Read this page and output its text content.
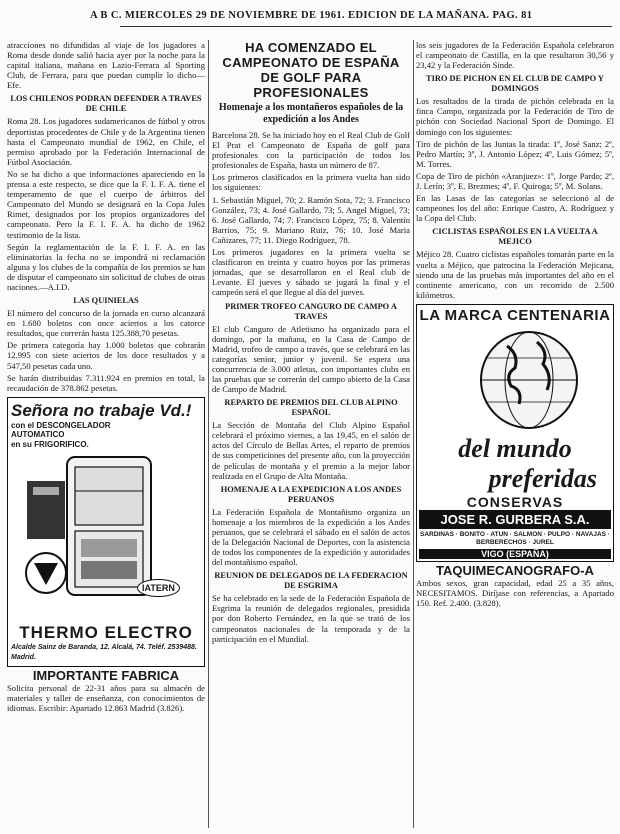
A B C. MIERCOLES 29 DE NOVIEMBRE DE 1961. EDICION DE LA MAÑANA. PAG. 81

atracciones no difundidas al viaje de los jugadores a Roma desde donde salió hacia ayer por la noche para la capital italiana, mañana en Lazio-Ferrara al Sporting Club, de Ferrara, para que puedan cumplir lo dicho—Efe.

LOS CHILENOS PODRAN DEFENDER A TRAVES DE CHILE

Roma 28. Los jugadores sudamericanos de fútbol y otros deportistas procedentes de Chile y de la Argentina tienen hasta el Campeonato mundial de 1962, en Chile, el permiso aprobado por la Federación Internacional de Fútbol Asociación.

No se ha dicho a que informaciones apareciendo en la prensa a este respecto, se dice que la F. I. F. A. tiene el temperamento de que el cuerpo de árbitros del Campeonato del Mundo se designará en la Copa Jules Rimet, designados por los propios organizadores del campeonato. Pero la F. I. F. A. ha dicho de 1962 testimonio de la lista.

Según la reglamentación de la F. I. F. A. en las eliminatorias la fecha no se impondrá ni reclamación alguna y los clubes de la compañía de los premios se han de disputar el campeonato sin solicitud de clubes de otras naciones.—A.I.D.

LAS QUINIELAS

El número del concurso de la jornada en curso alcanzará en 1.680 boletos con once aciertos a los catorce resultados, que correrán hasta 125.388,70 pesetas.

De primera categoría hay 1.000 boletos que cobrarán 12.995 con siete aciertos de los doce resultados y a 547,50 pesetas cada uno.

Se harán distribuidas 7.311.924 en premios en total, la recaudación de 378.862 pesetas.

Señora no trabaje Vd.!
con el DESCONGELADOR
AUTOMATICO
en su FRIGORIFICO.
IATERN
THERMO ELECTRO
Alcalde Sainz de Baranda, 12. Alcalá, 74. Teléf. 2539488. Madrid.
IMPORTANTE FABRICA

Solicita personal de 22-31 años para su almacén de materiales y taller de enseñanza, con conocimientos de idiomas. Escribir: Apartado 12.863 Madrid (3.826).

HA COMENZADO EL CAMPEONATO DE ESPAÑA DE GOLF PARA PROFESIONALES
Homenaje a los montañeros españoles de la expedición a los Andes

Barcelona 28. Se ha iniciado hoy en el Real Club de Golf El Prat el Campeonato de España de golf para profesionales con la participación de todos los profesionales de España, hasta un número de 87.

Los primeros clasificados en la primera vuelta han sido los siguientes:

1. Sebastián Miguel, 70; 2. Ramón Sota, 72; 3. Francisco González, 73; 4. José Gallardo, 73; 5. Angel Miguel, 73; 6. José Gallardo, 74; 7. Francisco López, 75; 8. Valentín Barrios, 75; 9. Mariano Ruiz, 76; 10. José Maria Cañizares, 77; 11. Diego Rodríguez, 78.

Los primeros jugadores en la primera vuelta se clasificaron en treinta y cuatro hoyos por las primeras jornadas, que se desarrollaron en el Real club de Levante. El jueves y sábado se jugará la final y el campeón será el que llegue al día del jueves.

PRIMER TROFEO CANGURO DE CAMPO A TRAVES

El club Canguro de Atletismo ha organizado para el domingo, por la mañana, en la Casa de Campo de Madrid, trofeo de campo a través, que se celebrará en las categorías senior, junior y juvenil. Se espera una concurrencia de 3.000 atletas, con importantes clubs en las pruebas que se correrán del campo abierto de la Casa de Campo de Madrid.

REPARTO DE PREMIOS DEL CLUB ALPINO ESPAÑOL

La Sección de Montaña del Club Alpino Español celebrará el próximo viernes, a las 19,45, en el salón de actos del Círculo de Bellas Artes, el reparto de premios de sus competiciones del presente año, con la proyección de películas de montaña y el premio a la mejor labor realizada en el Grupo de Alta Montaña.

HOMENAJE A LA EXPEDICION A LOS ANDES PERUANOS

La Federación Española de Montañismo organiza un homenaje a los miembros de la expedición a los Andes peruanos, que se celebrará el sábado en el salón de actos de la Delegación Nacional de Deportes, con la asistencia de todos los componentes de la expedición y autoridades del montañismo español.

REUNION DE DELEGADOS DE LA FEDERACION DE ESGRIMA

Se ha celebrado en la sede de la Federación Española de Esgrima la reunión de delegados regionales, presidida por don Roberto Fernández, en la que se trató de los campeonatos nacionales de la temporada y de la participación en el Mundial.

los seis jugadores de la Federación Española celebraron el campeonato de Castilla, en la que resultaron 30,56 y 23,42 y la Federación Sinde.

TIRO DE PICHON EN EL CLUB DE CAMPO Y DOMINGOS

Los resultados de la tirada de pichón celebrada en la finca Campo, organizada por la Federación de Tiro de pichón con Sociedad Nacional Sport de Domingo. El domingo con los siguientes:

Tiro de pichón de las Juntas la tirada: 1º, José Sanz; 2º, Pedro Martín; 3º, J. Antonio López; 4º, Luis Gómez; 5º, M. Torres.

Copa de Tiro de pichón «Aranjuez»: 1º, Jorge Pardo; 2º, J. Lerín; 3º, E. Brezmes; 4º, F. Quiroga; 5º, M. Solans.

En las Lasas de las categorías se seleccionó al de campeones los del año: Enrique Castro, A. Rodríguez y la Copa del Club.

CICLISTAS ESPAÑOLES EN LA VUELTA A MEJICO

Méjico 28. Cuatro ciclistas españoles tomarán parte en la vuelta a Méjico, que patrocina la Federación Mejicana, siendo una de las pruebas más importantes del año en el continente americano, con un recorrido de 2.500 kilómetros.

LA MARCA CENTENARIA
del mundo
preferidas
CONSERVAS
JOSE R. GURBERA S.A.
SARDINAS · BONITO · ATUN · SALMON · PULPO · NAVAJAS · BERBERECHOS · JUREL
VIGO (ESPAÑA)
TAQUIMECANOGRAFO-A

Ambos sexos, gran capacidad, edad 25 a 35 años, NECESITAMOS. Diríjase con referencias, a Apartado 150. Ref. 2.400. (3.828).
